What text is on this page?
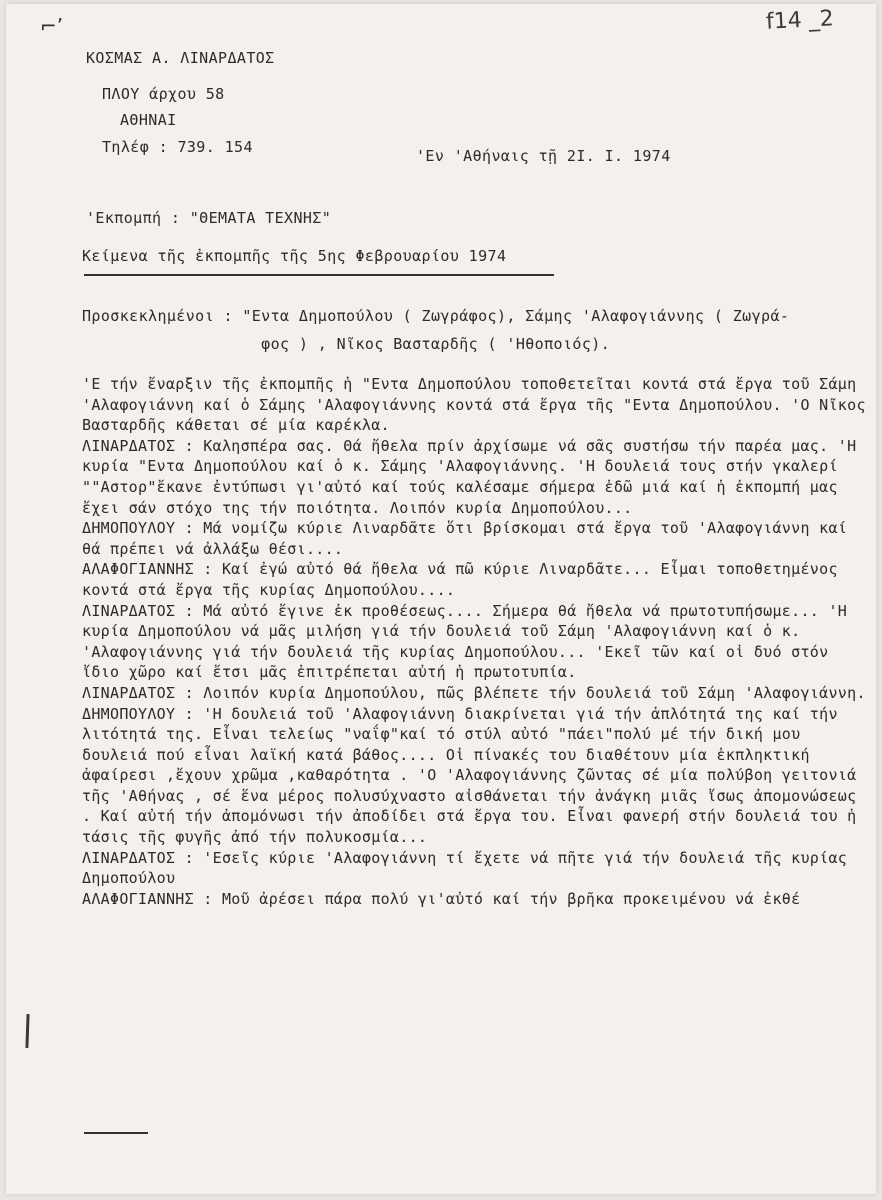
⌐’	f14 _2
ΚΟΣΜΑΣ Α. ΛΙΝΑΡΔΑΤΟΣ
ΠΛΟΥ άρχου 58
ΑΘΗΝΑΙ
Τηλέφ : 739. 154	'Εν 'Αθήναις τῇ 2Ι. Ι. 1974
'Εκπομπή : "ΘΕΜΑΤΑ ΤΕΧΝΗΣ"
Κείμενα τῆς ἐκπομπῆς τῆς 5ης Φεβρουαρίου 1974
Προσκεκλημένοι : "Εντα Δημοπούλου ( Ζωγράφος), Σάμης 'Αλαφογιάννης ( Ζωγρά-
φος ) , Νῖκος Βασταρδῆς ( 'Ηθοποιός).

'Ε τήν ἔναρξιν τῆς ἐκπομπῆς ἡ "Εντα Δημοπούλου τοποθετεῖται κοντά στά ἔργα τοῦ Σάμη 'Αλαφογιάννη καί ὁ Σάμης 'Αλαφογιάννης κοντά στά ἔργα τῆς "Εντα Δημοπούλου. 'Ο Νῖκος Βασταρδῆς κάθεται σέ μία καρέκλα.

ΛΙΝΑΡΔΑΤΟΣ : Καλησπέρα σας. Θά ἤθελα πρίν ἀρχίσωμε νά σᾶς συστήσω τήν παρέα μας. 'Η κυρία "Εντα Δημοπούλου καί ὁ κ. Σάμης 'Αλαφογιάννης. 'Η δουλειά τους στήν γκαλερί ""Αστορ"ἔκανε ἐντύπωσι γι'αὐτό καί τούς καλέσαμε σήμερα ἐδῶ μιά καί ἡ ἐκπομπή μας ἔχει σάν στόχο της τήν ποιότητα. Λοιπόν κυρία Δημοπούλου...

ΔΗΜΟΠΟΥΛΟΥ : Μά νομίζω κύριε Λιναρδᾶτε ὅτι βρίσκομαι στά ἔργα τοῦ 'Αλαφογιάννη καί θά πρέπει νά ἀλλάξω θέσι....

ΑΛΑΦΟΓΙΑΝΝΗΣ : Καί ἐγώ αὐτό θά ἤθελα νά πῶ κύριε Λιναρδᾶτε... Εἶμαι τοποθετημένος κοντά στά ἔργα τῆς κυρίας Δημοπούλου....

ΛΙΝΑΡΔΑΤΟΣ : Μά αὐτό ἔγινε ἐκ προθέσεως.... Σήμερα θά ἤθελα νά πρωτοτυπήσωμε... 'Η κυρία Δημοπούλου νά μᾶς μιλήση γιά τήν δουλειά τοῦ Σάμη 'Αλαφογιάννη καί ὁ κ. 'Αλαφογιάννης γιά τήν δουλειά τῆς κυρίας Δημοπούλου... 'Εκεῖ τῶν καί οἱ δυό στόν ἴδιο χῶρο καί ἔτσι μᾶς ἐπιτρέπεται αὐτή ἡ πρωτοτυπία.

ΛΙΝΑΡΔΑΤΟΣ : Λοιπόν κυρία Δημοπούλου, πῶς βλέπετε τήν δουλειά τοῦ Σάμη 'Αλαφογιάννη.

ΔΗΜΟΠΟΥΛΟΥ : 'Η δουλειά τοῦ 'Αλαφογιάννη διακρίνεται γιά τήν ἁπλότητά της καί τήν λιτότητά της. Εἶναι τελείως "ναΐφ"καί τό στύλ αὐτό "πάει"πολύ μέ τήν δική μου δουλειά πού εἶναι λαϊκή κατά βάθος.... Οἱ πίνακές του διαθέτουν μία ἐκπληκτική ἀφαίρεσι ,ἔχουν χρῶμα ,καθαρότητα . 'Ο 'Αλαφογιάννης ζῶντας σέ μία πολύβοη γειτονιά τῆς 'Αθήνας , σέ ἕνα μέρος πολυσύχναστο αἰσθάνεται τήν ἀνάγκη μιᾶς ἴσως ἀπομονώσεως . Καί αὐτή τήν ἀπομόνωσι τήν ἀποδίδει στά ἔργα του. Εἶναι φανερή στήν δουλειά του ἡ τάσις τῆς φυγῆς ἀπό τήν πολυκοσμία...

ΛΙΝΑΡΔΑΤΟΣ : 'Εσεῖς κύριε 'Αλαφογιάννη τί ἔχετε νά πῆτε γιά τήν δουλειά τῆς κυρίας Δημοπούλου

ΑΛΑΦΟΓΙΑΝΝΗΣ : Μοῦ ἀρέσει πάρα πολύ γι'αὐτό καί τήν βρῆκα προκειμένου νά ἐκθέ
